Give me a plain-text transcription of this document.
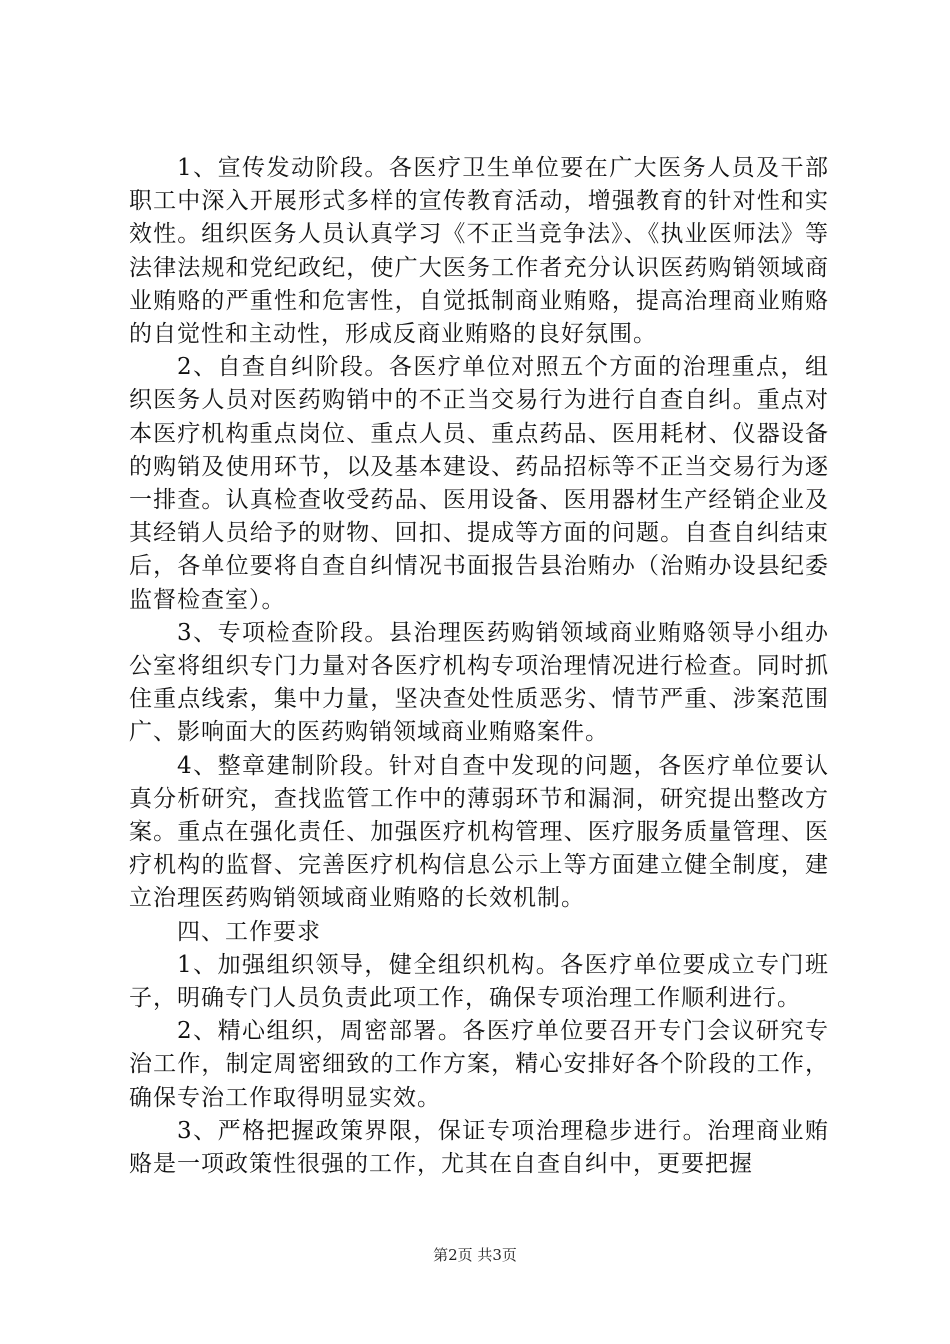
1、宣传发动阶段。各医疗卫生单位要在广大医务人员及干部职工中深入开展形式多样的宣传教育活动，增强教育的针对性和实效性。组织医务人员认真学习《不正当竞争法》、《执业医师法》等法律法规和党纪政纪，使广大医务工作者充分认识医药购销领域商业贿赂的严重性和危害性，自觉抵制商业贿赂，提高治理商业贿赂的自觉性和主动性，形成反商业贿赂的良好氛围。

2、自查自纠阶段。各医疗单位对照五个方面的治理重点，组织医务人员对医药购销中的不正当交易行为进行自查自纠。重点对本医疗机构重点岗位、重点人员、重点药品、医用耗材、仪器设备的购销及使用环节，以及基本建设、药品招标等不正当交易行为逐一排查。认真检查收受药品、医用设备、医用器材生产经销企业及其经销人员给予的财物、回扣、提成等方面的问题。自查自纠结束后，各单位要将自查自纠情况书面报告县治贿办（治贿办设县纪委监督检查室）。

3、专项检查阶段。县治理医药购销领域商业贿赂领导小组办公室将组织专门力量对各医疗机构专项治理情况进行检查。同时抓住重点线索，集中力量，坚决查处性质恶劣、情节严重、涉案范围广、影响面大的医药购销领域商业贿赂案件。

4、整章建制阶段。针对自查中发现的问题，各医疗单位要认真分析研究，查找监管工作中的薄弱环节和漏洞，研究提出整改方案。重点在强化责任、加强医疗机构管理、医疗服务质量管理、医疗机构的监督、完善医疗机构信息公示上等方面建立健全制度，建立治理医药购销领域商业贿赂的长效机制。

四、工作要求

1、加强组织领导，健全组织机构。各医疗单位要成立专门班子，明确专门人员负责此项工作，确保专项治理工作顺利进行。

2、精心组织，周密部署。各医疗单位要召开专门会议研究专治工作，制定周密细致的工作方案，精心安排好各个阶段的工作，确保专治工作取得明显实效。

3、严格把握政策界限，保证专项治理稳步进行。治理商业贿赂是一项政策性很强的工作，尤其在自查自纠中，更要把握

第2页 共3页
